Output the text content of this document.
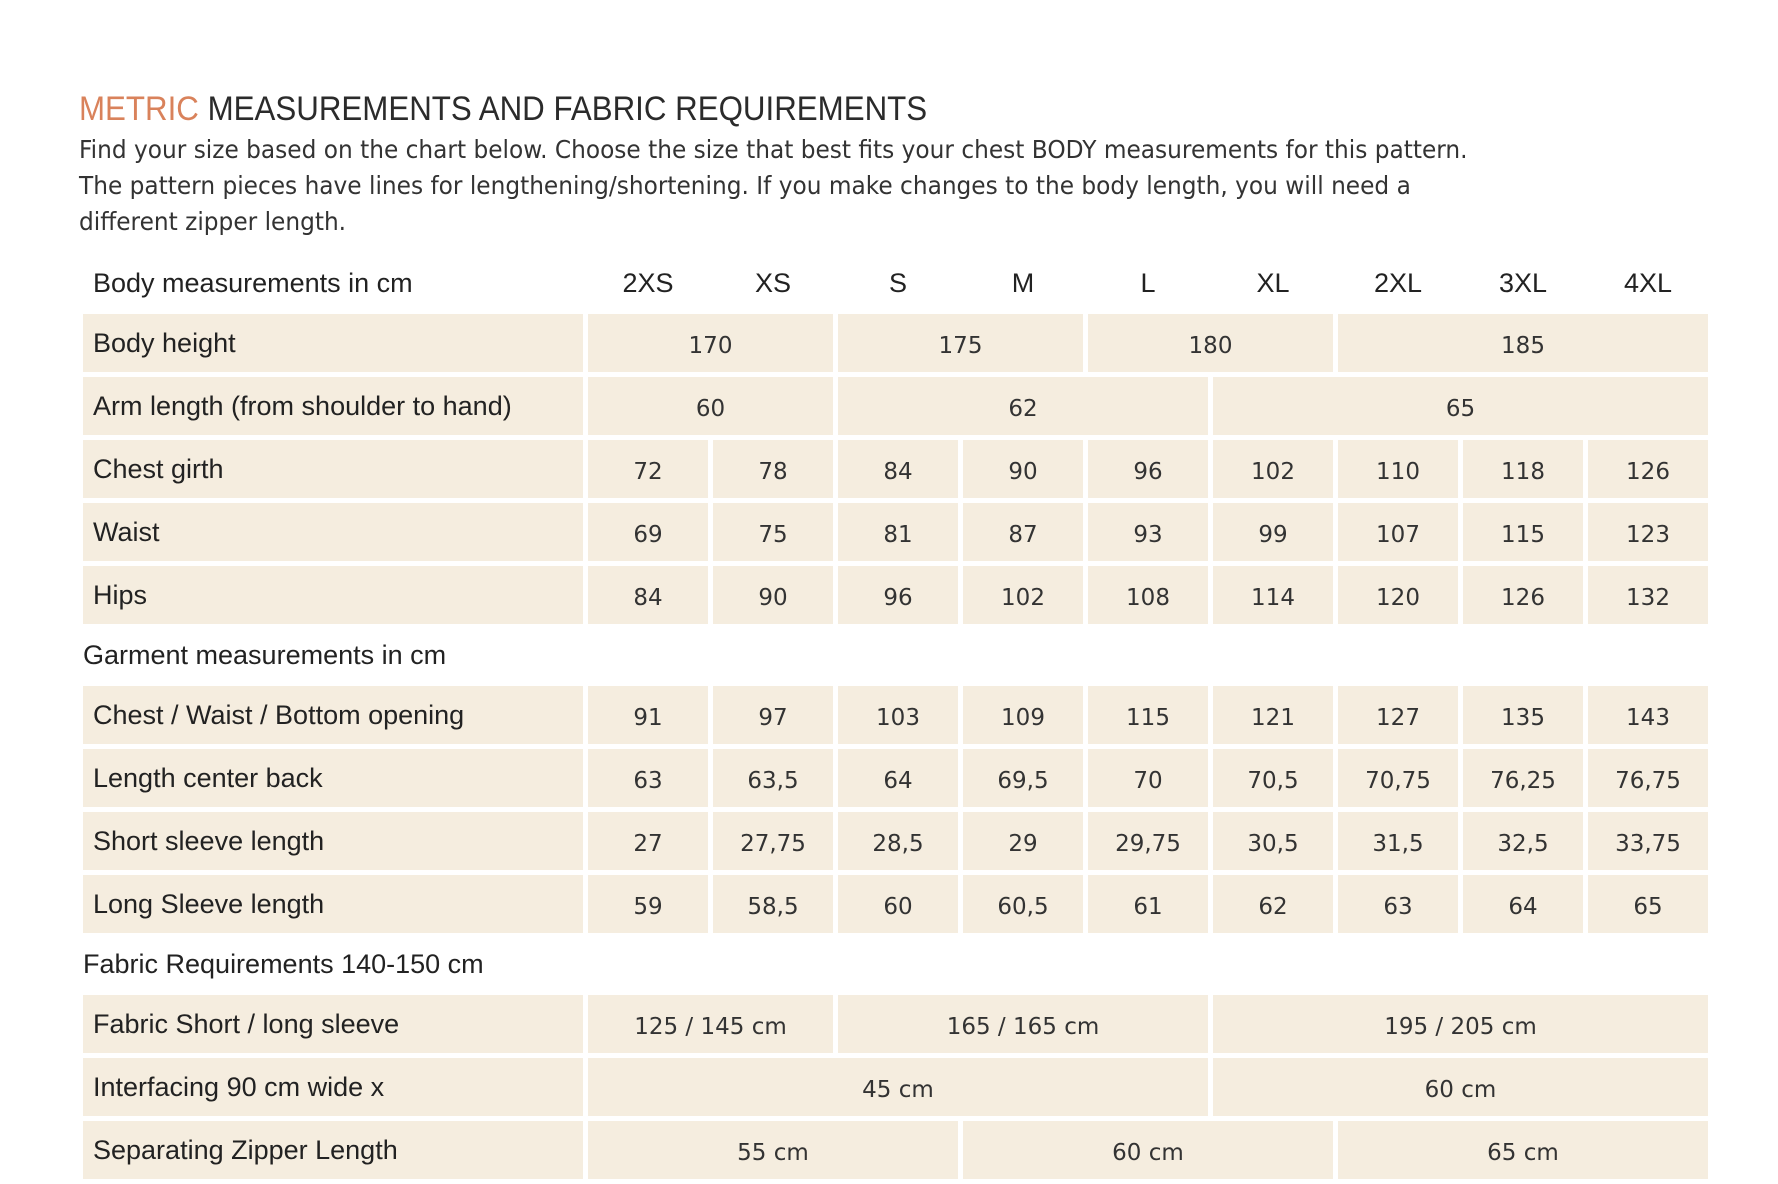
METRIC MEASUREMENTS AND FABRIC REQUIREMENTS

Find your size based on the chart below. Choose the size that best fits your chest BODY measurements for this pattern.
The pattern pieces have lines for lengthening/shortening. If you make changes to the body length, you will need a
different zipper length.

Body measurements in cm	2XS	XS	S	M	L	XL	2XL	3XL	4XL
Body height	170		175		180		185		
Arm length (from shoulder to hand)	60		62			65			
Chest girth	72	78	84	90	96	102	110	118	126
Waist	69	75	81	87	93	99	107	115	123
Hips	84	90	96	102	108	114	120	126	132
Garment measurements in cm									
Chest / Waist / Bottom opening	91	97	103	109	115	121	127	135	143
Length center back	63	63,5	64	69,5	70	70,5	70,75	76,25	76,75
Short sleeve length	27	27,75	28,5	29	29,75	30,5	31,5	32,5	33,75
Long Sleeve length	59	58,5	60	60,5	61	62	63	64	65
Fabric Requirements 140-150 cm									
Fabric Short / long sleeve	125 / 145 cm		165 / 165 cm			195 / 205 cm			
Interfacing 90 cm wide x	45 cm					60 cm			
Separating Zipper Length	55 cm			60 cm			65 cm		
